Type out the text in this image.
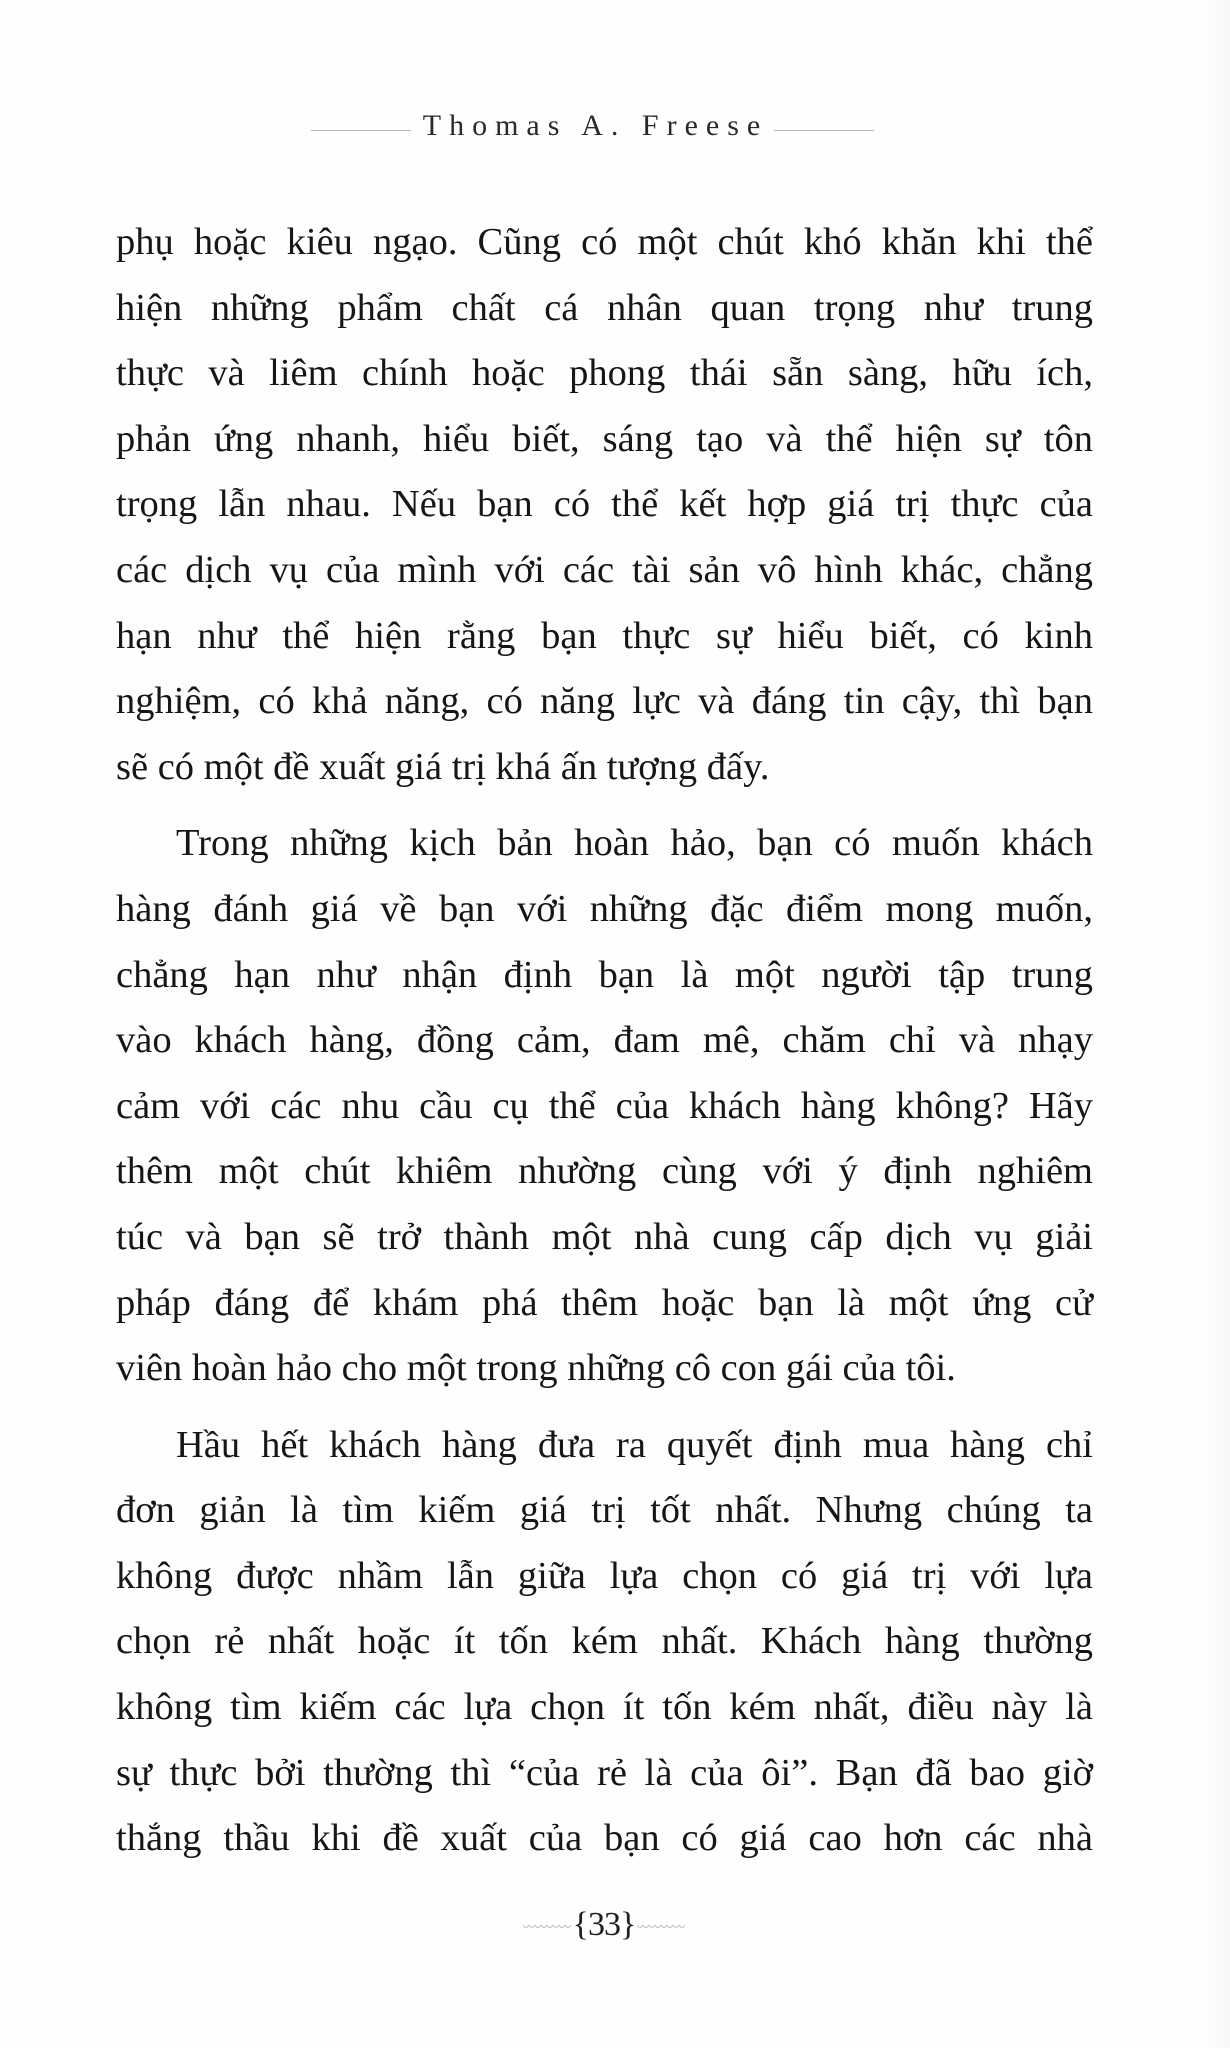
Thomas A. Freese
phụ hoặc kiêu ngạo. Cũng có một chút khó khăn khi thể
hiện những phẩm chất cá nhân quan trọng như trung
thực và liêm chính hoặc phong thái sẵn sàng, hữu ích,
phản ứng nhanh, hiểu biết, sáng tạo và thể hiện sự tôn
trọng lẫn nhau. Nếu bạn có thể kết hợp giá trị thực của
các dịch vụ của mình với các tài sản vô hình khác, chẳng
hạn như thể hiện rằng bạn thực sự hiểu biết, có kinh
nghiệm, có khả năng, có năng lực và đáng tin cậy, thì bạn
sẽ có một đề xuất giá trị khá ấn tượng đấy.
Trong những kịch bản hoàn hảo, bạn có muốn khách
hàng đánh giá về bạn với những đặc điểm mong muốn,
chẳng hạn như nhận định bạn là một người tập trung
vào khách hàng, đồng cảm, đam mê, chăm chỉ và nhạy
cảm với các nhu cầu cụ thể của khách hàng không? Hãy
thêm một chút khiêm nhường cùng với ý định nghiêm
túc và bạn sẽ trở thành một nhà cung cấp dịch vụ giải
pháp đáng để khám phá thêm hoặc bạn là một ứng cử
viên hoàn hảo cho một trong những cô con gái của tôi.
Hầu hết khách hàng đưa ra quyết định mua hàng chỉ
đơn giản là tìm kiếm giá trị tốt nhất. Nhưng chúng ta
không được nhầm lẫn giữa lựa chọn có giá trị với lựa
chọn rẻ nhất hoặc ít tốn kém nhất. Khách hàng thường
không tìm kiếm các lựa chọn ít tốn kém nhất, điều này là
sự thực bởi thường thì “của rẻ là của ôi”. Bạn đã bao giờ
thắng thầu khi đề xuất của bạn có giá cao hơn các nhà
{33}
